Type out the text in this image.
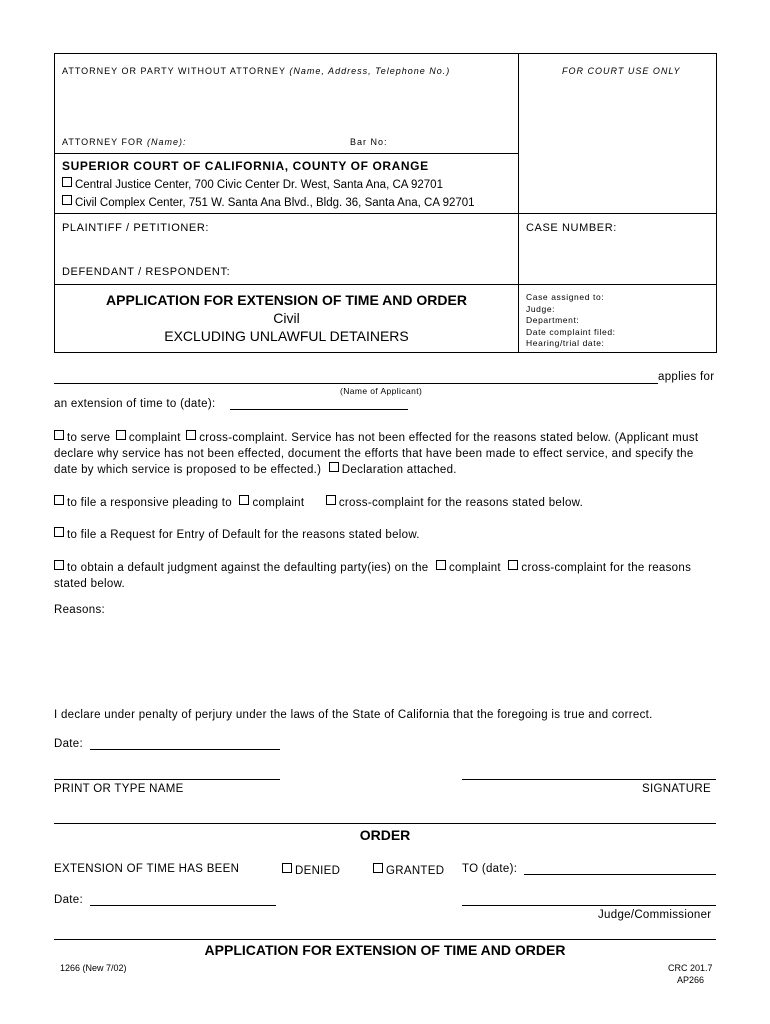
ATTORNEY OR PARTY WITHOUT ATTORNEY (Name, Address, Telephone No.)	FOR COURT USE ONLY
ATTORNEY FOR (Name):	Bar No:
SUPERIOR COURT OF CALIFORNIA, COUNTY OF ORANGE
Central Justice Center, 700 Civic Center Dr. West, Santa Ana, CA 92701
Civil Complex Center, 751 W. Santa Ana Blvd., Bldg. 36, Santa Ana, CA 92701
PLAINTIFF / PETITIONER:
DEFENDANT / RESPONDENT:
CASE NUMBER:
APPLICATION FOR EXTENSION OF TIME AND ORDER
Civil
EXCLUDING UNLAWFUL DETAINERS
Case assigned to:
Judge:
Department:
Date complaint filed:
Hearing/trial date:
applies for
(Name of Applicant)
an extension of time to (date):
to serve complaint cross-complaint. Service has not been effected for the reasons stated below. (Applicant must
declare why service has not been effected, document the efforts that have been made to effect service, and specify the
date by which service is proposed to be effected.) Declaration attached.
to file a responsive pleading to complaint	cross-complaint for the reasons stated below.
to file a Request for Entry of Default for the reasons stated below.
to obtain a default judgment against the defaulting party(ies) on the complaint cross-complaint for the reasons
stated below.
Reasons:
I declare under penalty of perjury under the laws of the State of California that the foregoing is true and correct.
Date:
PRINT OR TYPE NAME	SIGNATURE
ORDER
EXTENSION OF TIME HAS BEEN	DENIED	GRANTED TO (date):
Date:
Judge/Commissioner
APPLICATION FOR EXTENSION OF TIME AND ORDER
1266 (New 7/02)	CRC 201.7
AP266
